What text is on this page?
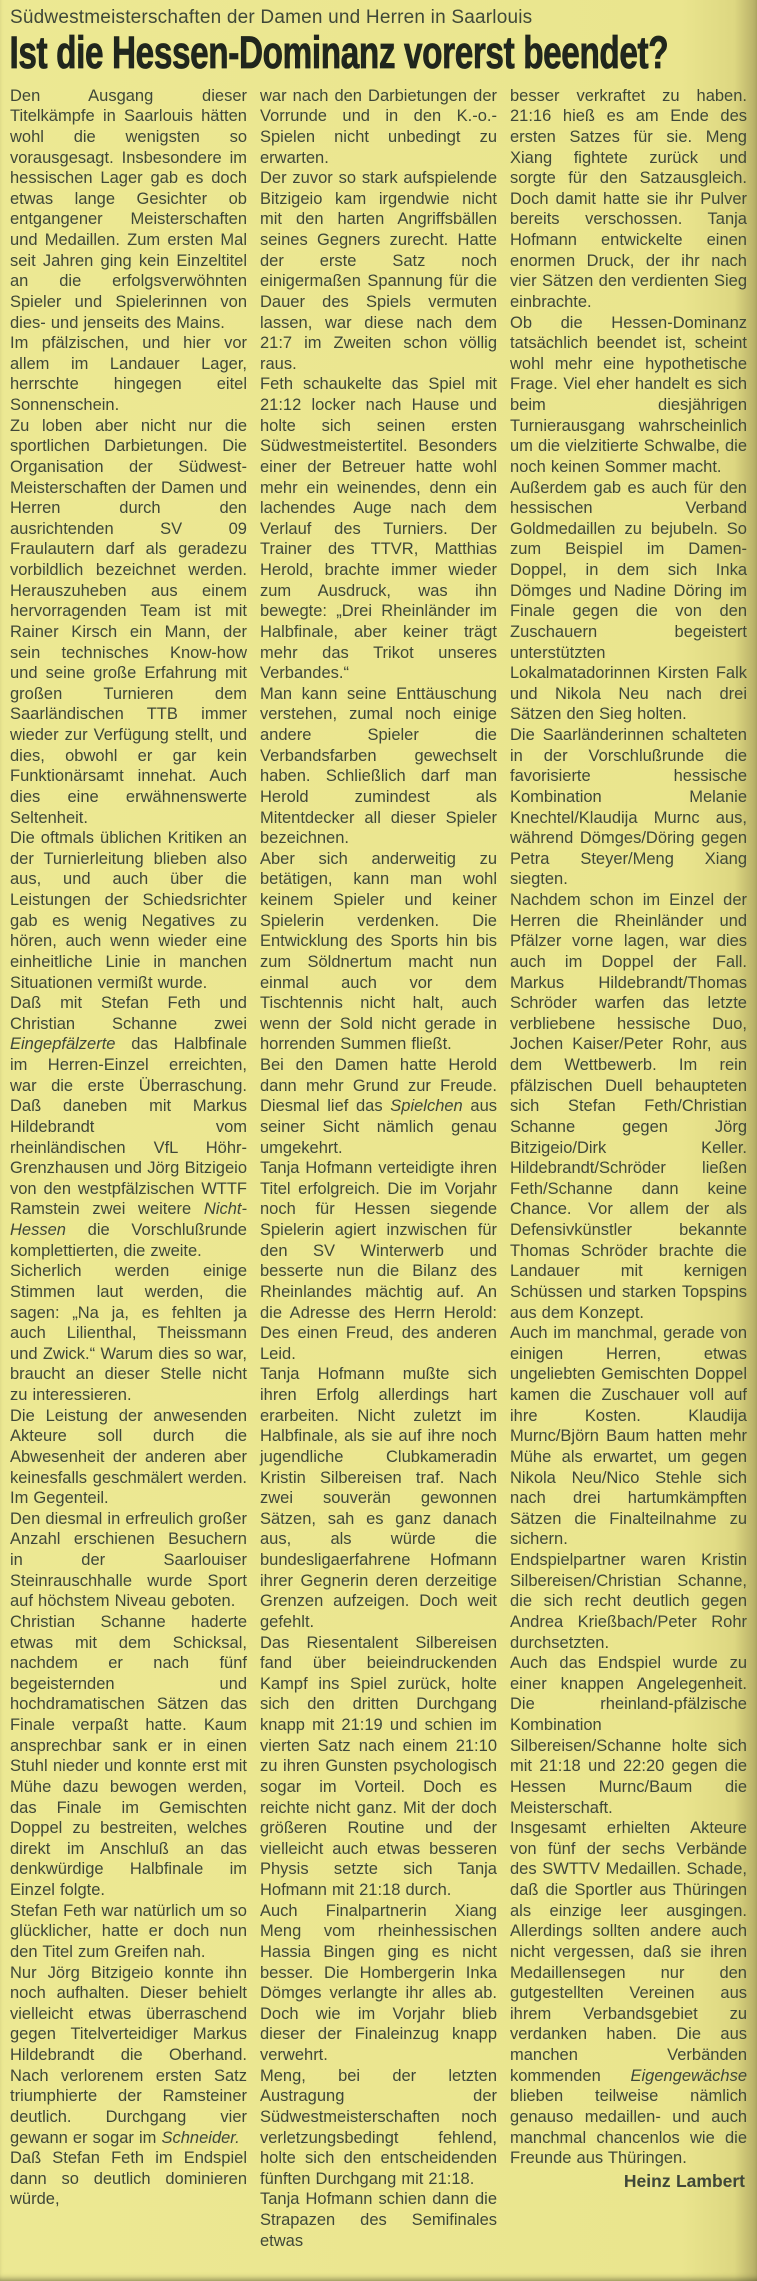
Südwestmeisterschaften der Damen und Herren in Saarlouis
Ist die Hessen-Dominanz vorerst beendet?

Den Ausgang dieser Titelkämpfe in Saarlouis hätten wohl die wenigsten so vorausgesagt. Insbesondere im hessischen Lager gab es doch etwas lange Gesichter ob entgangener Meisterschaften und Medaillen. Zum ersten Mal seit Jahren ging kein Einzeltitel an die erfolgsverwöhnten Spieler und Spielerinnen von dies- und jenseits des Mains.

Im pfälzischen, und hier vor allem im Landauer Lager, herrschte hingegen eitel Sonnenschein.

Zu loben aber nicht nur die sportlichen Darbietungen. Die Organisation der Südwest-Meisterschaften der Damen und Herren durch den ausrichtenden SV 09 Fraulautern darf als geradezu vorbildlich bezeichnet werden. Herauszuheben aus einem hervorragenden Team ist mit Rainer Kirsch ein Mann, der sein technisches Know-how und seine große Erfahrung mit großen Turnieren dem Saarländischen TTB immer wieder zur Verfügung stellt, und dies, obwohl er gar kein Funktionärsamt innehat. Auch dies eine erwähnenswerte Seltenheit.

Die oftmals üblichen Kritiken an der Turnierleitung blieben also aus, und auch über die Leistungen der Schiedsrichter gab es wenig Negatives zu hören, auch wenn wieder eine einheitliche Linie in manchen Situationen vermißt wurde.

Daß mit Stefan Feth und Christian Schanne zwei Eingepfälzerte das Halbfinale im Herren-Einzel erreichten, war die erste Überraschung. Daß daneben mit Markus Hildebrandt vom rheinländischen VfL Höhr-Grenzhausen und Jörg Bitzigeio von den westpfälzischen WTTF Ramstein zwei weitere Nicht-Hessen die Vorschlußrunde komplettierten, die zweite.

Sicherlich werden einige Stimmen laut werden, die sagen: „Na ja, es fehlten ja auch Lilienthal, Theissmann und Zwick.“ Warum dies so war, braucht an dieser Stelle nicht zu interessieren.

Die Leistung der anwesenden Akteure soll durch die Abwesenheit der anderen aber keinesfalls geschmälert werden. Im Gegenteil.

Den diesmal in erfreulich großer Anzahl erschienen Besuchern in der Saarlouiser Steinrauschhalle wurde Sport auf höchstem Niveau geboten.

Christian Schanne haderte etwas mit dem Schicksal, nachdem er nach fünf begeisternden und hochdramatischen Sätzen das Finale verpaßt hatte. Kaum ansprechbar sank er in einen Stuhl nieder und konnte erst mit Mühe dazu bewogen werden, das Finale im Gemischten Doppel zu bestreiten, welches direkt im Anschluß an das denkwürdige Halbfinale im Einzel folgte.

Stefan Feth war natürlich um so glücklicher, hatte er doch nun den Titel zum Greifen nah.

Nur Jörg Bitzigeio konnte ihn noch aufhalten. Dieser behielt vielleicht etwas überraschend gegen Titelverteidiger Markus Hildebrandt die Oberhand. Nach verlorenem ersten Satz triumphierte der Ramsteiner deutlich. Durchgang vier gewann er sogar im Schneider.

Daß Stefan Feth im Endspiel dann so deutlich dominieren würde,

war nach den Darbietungen der Vorrunde und in den K.-o.-Spielen nicht unbedingt zu erwarten.

Der zuvor so stark aufspielende Bitzigeio kam irgendwie nicht mit den harten Angriffsbällen seines Gegners zurecht. Hatte der erste Satz noch einigermaßen Spannung für die Dauer des Spiels vermuten lassen, war diese nach dem 21:7 im Zweiten schon völlig raus.

Feth schaukelte das Spiel mit 21:12 locker nach Hause und holte sich seinen ersten Südwestmeistertitel. Besonders einer der Betreuer hatte wohl mehr ein weinendes, denn ein lachendes Auge nach dem Verlauf des Turniers. Der Trainer des TTVR, Matthias Herold, brachte immer wieder zum Ausdruck, was ihn bewegte: „Drei Rheinländer im Halbfinale, aber keiner trägt mehr das Trikot unseres Verbandes.“

Man kann seine Enttäuschung verstehen, zumal noch einige andere Spieler die Verbandsfarben gewechselt haben. Schließlich darf man Herold zumindest als Mitentdecker all dieser Spieler bezeichnen.

Aber sich anderweitig zu betätigen, kann man wohl keinem Spieler und keiner Spielerin verdenken. Die Entwicklung des Sports hin bis zum Söldnertum macht nun einmal auch vor dem Tischtennis nicht halt, auch wenn der Sold nicht gerade in horrenden Summen fließt.

Bei den Damen hatte Herold dann mehr Grund zur Freude. Diesmal lief das Spielchen aus seiner Sicht nämlich genau umgekehrt.

Tanja Hofmann verteidigte ihren Titel erfolgreich. Die im Vorjahr noch für Hessen siegende Spielerin agiert inzwischen für den SV Winterwerb und besserte nun die Bilanz des Rheinlandes mächtig auf. An die Adresse des Herrn Herold: Des einen Freud, des anderen Leid.

Tanja Hofmann mußte sich ihren Erfolg allerdings hart erarbeiten. Nicht zuletzt im Halbfinale, als sie auf ihre noch jugendliche Clubkameradin Kristin Silbereisen traf. Nach zwei souverän gewonnen Sätzen, sah es ganz danach aus, als würde die bundesligaerfahrene Hofmann ihrer Gegnerin deren derzeitige Grenzen aufzeigen. Doch weit gefehlt.

Das Riesentalent Silbereisen fand über beieindruckenden Kampf ins Spiel zurück, holte sich den dritten Durchgang knapp mit 21:19 und schien im vierten Satz nach einem 21:10 zu ihren Gunsten psychologisch sogar im Vorteil. Doch es reichte nicht ganz. Mit der doch größeren Routine und der vielleicht auch etwas besseren Physis setzte sich Tanja Hofmann mit 21:18 durch.

Auch Finalpartnerin Xiang Meng vom rheinhessischen Hassia Bingen ging es nicht besser. Die Hombergerin Inka Dömges verlangte ihr alles ab. Doch wie im Vorjahr blieb dieser der Finaleinzug knapp verwehrt.

Meng, bei der letzten Austragung der Südwestmeisterschaften noch verletzungsbedingt fehlend, holte sich den entscheidenden fünften Durchgang mit 21:18.

Tanja Hofmann schien dann die Strapazen des Semifinales etwas

besser verkraftet zu haben. 21:16 hieß es am Ende des ersten Satzes für sie. Meng Xiang fightete zurück und sorgte für den Satzausgleich. Doch damit hatte sie ihr Pulver bereits verschossen. Tanja Hofmann entwickelte einen enormen Druck, der ihr nach vier Sätzen den verdienten Sieg einbrachte.

Ob die Hessen-Dominanz tatsächlich beendet ist, scheint wohl mehr eine hypothetische Frage. Viel eher handelt es sich beim diesjährigen Turnierausgang wahrscheinlich um die vielzitierte Schwalbe, die noch keinen Sommer macht.

Außerdem gab es auch für den hessischen Verband Goldmedaillen zu bejubeln. So zum Beispiel im Damen-Doppel, in dem sich Inka Dömges und Nadine Döring im Finale gegen die von den Zuschauern begeistert unterstützten Lokalmatadorinnen Kirsten Falk und Nikola Neu nach drei Sätzen den Sieg holten.

Die Saarländerinnen schalteten in der Vorschlußrunde die favorisierte hessische Kombination Melanie Knechtel/Klaudija Murnc aus, während Dömges/Döring gegen Petra Steyer/Meng Xiang siegten.

Nachdem schon im Einzel der Herren die Rheinländer und Pfälzer vorne lagen, war dies auch im Doppel der Fall. Markus Hildebrandt/Thomas Schröder warfen das letzte verbliebene hessische Duo, Jochen Kaiser/Peter Rohr, aus dem Wettbewerb. Im rein pfälzischen Duell behaupteten sich Stefan Feth/Christian Schanne gegen Jörg Bitzigeio/Dirk Keller. Hildebrandt/Schröder ließen Feth/Schanne dann keine Chance. Vor allem der als Defensivkünstler bekannte Thomas Schröder brachte die Landauer mit kernigen Schüssen und starken Topspins aus dem Konzept.

Auch im manchmal, gerade von einigen Herren, etwas ungeliebten Gemischten Doppel kamen die Zuschauer voll auf ihre Kosten. Klaudija Murnc/Björn Baum hatten mehr Mühe als erwartet, um gegen Nikola Neu/Nico Stehle sich nach drei hartumkämpften Sätzen die Finalteilnahme zu sichern.

Endspielpartner waren Kristin Silbereisen/Christian Schanne, die sich recht deutlich gegen Andrea Krießbach/Peter Rohr durchsetzten.

Auch das Endspiel wurde zu einer knappen Angelegenheit. Die rheinland-pfälzische Kombination Silbereisen/Schanne holte sich mit 21:18 und 22:20 gegen die Hessen Murnc/Baum die Meisterschaft.

Insgesamt erhielten Akteure von fünf der sechs Verbände des SWTTV Medaillen. Schade, daß die Sportler aus Thüringen als einzige leer ausgingen. Allerdings sollten andere auch nicht vergessen, daß sie ihren Medaillensegen nur den gutgestellten Vereinen aus ihrem Verbandsgebiet zu verdanken haben. Die aus manchen Verbänden kommenden Eigengewächse blieben teilweise nämlich genauso medaillen- und auch manchmal chancenlos wie die Freunde aus Thüringen.

Heinz Lambert
